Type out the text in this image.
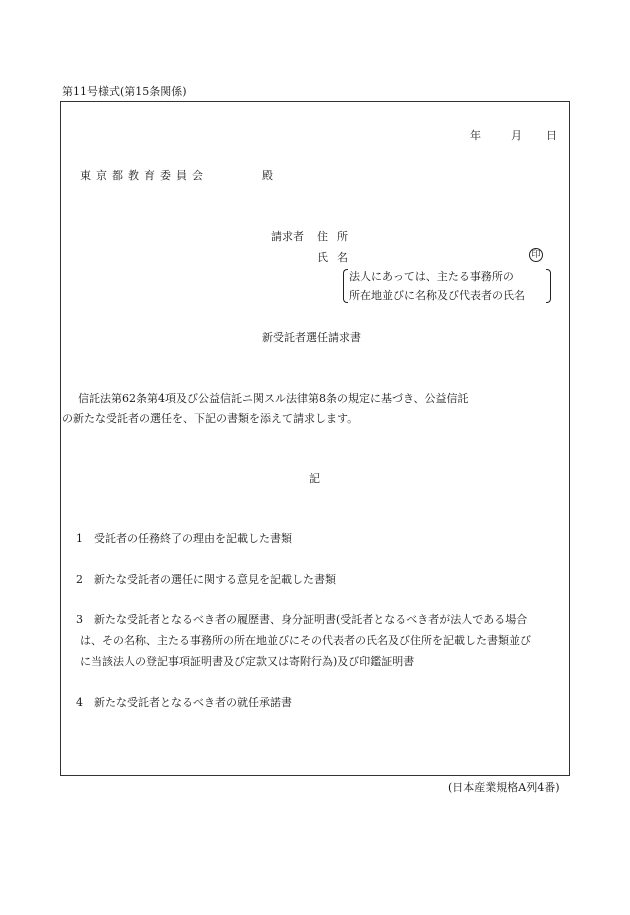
第11号様式(第15条関係)
年	月 日
東京都教育委員会	殿
請求者 住所
氏名	印
法人にあっては、主たる事務所の
所在地並びに名称及び代表者の氏名
新受託者選任請求書
信託法第62条第4項及び公益信託ニ関スル法律第8条の規定に基づき、公益信託
の新たな受託者の選任を、下記の書類を添えて請求します。
記
1 受託者の任務終了の理由を記載した書類
2 新たな受託者の選任に関する意見を記載した書類
3 新たな受託者となるべき者の履歴書、身分証明書(受託者となるべき者が法人である場合
は、その名称、主たる事務所の所在地並びにその代表者の氏名及び住所を記載した書類並び
に当該法人の登記事項証明書及び定款又は寄附行為)及び印鑑証明書
4 新たな受託者となるべき者の就任承諾書
(日本産業規格A列4番)
